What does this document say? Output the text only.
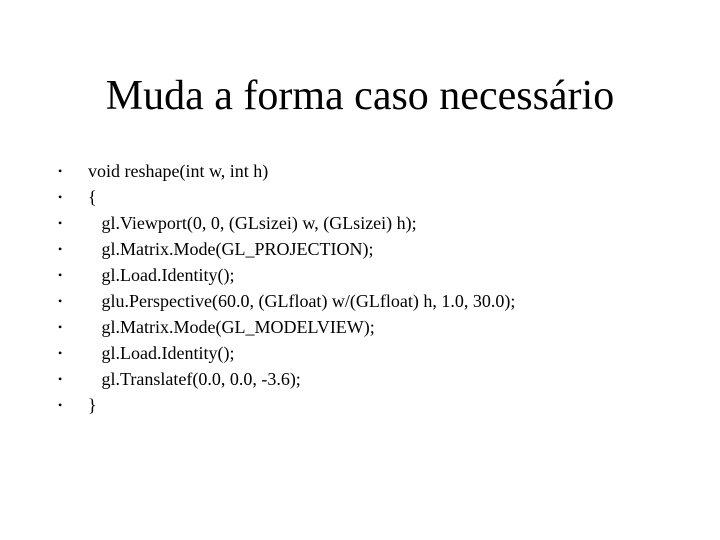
Muda a forma caso necessário
•	void reshape(int w, int h)
•	{
•	gl.Viewport(0, 0, (GLsizei) w, (GLsizei) h);
•	gl.Matrix.Mode(GL_PROJECTION);
•	gl.Load.Identity();
•	glu.Perspective(60.0, (GLfloat) w/(GLfloat) h, 1.0, 30.0);
•	gl.Matrix.Mode(GL_MODELVIEW);
•	gl.Load.Identity();
•	gl.Translatef(0.0, 0.0, -3.6);
•	}
